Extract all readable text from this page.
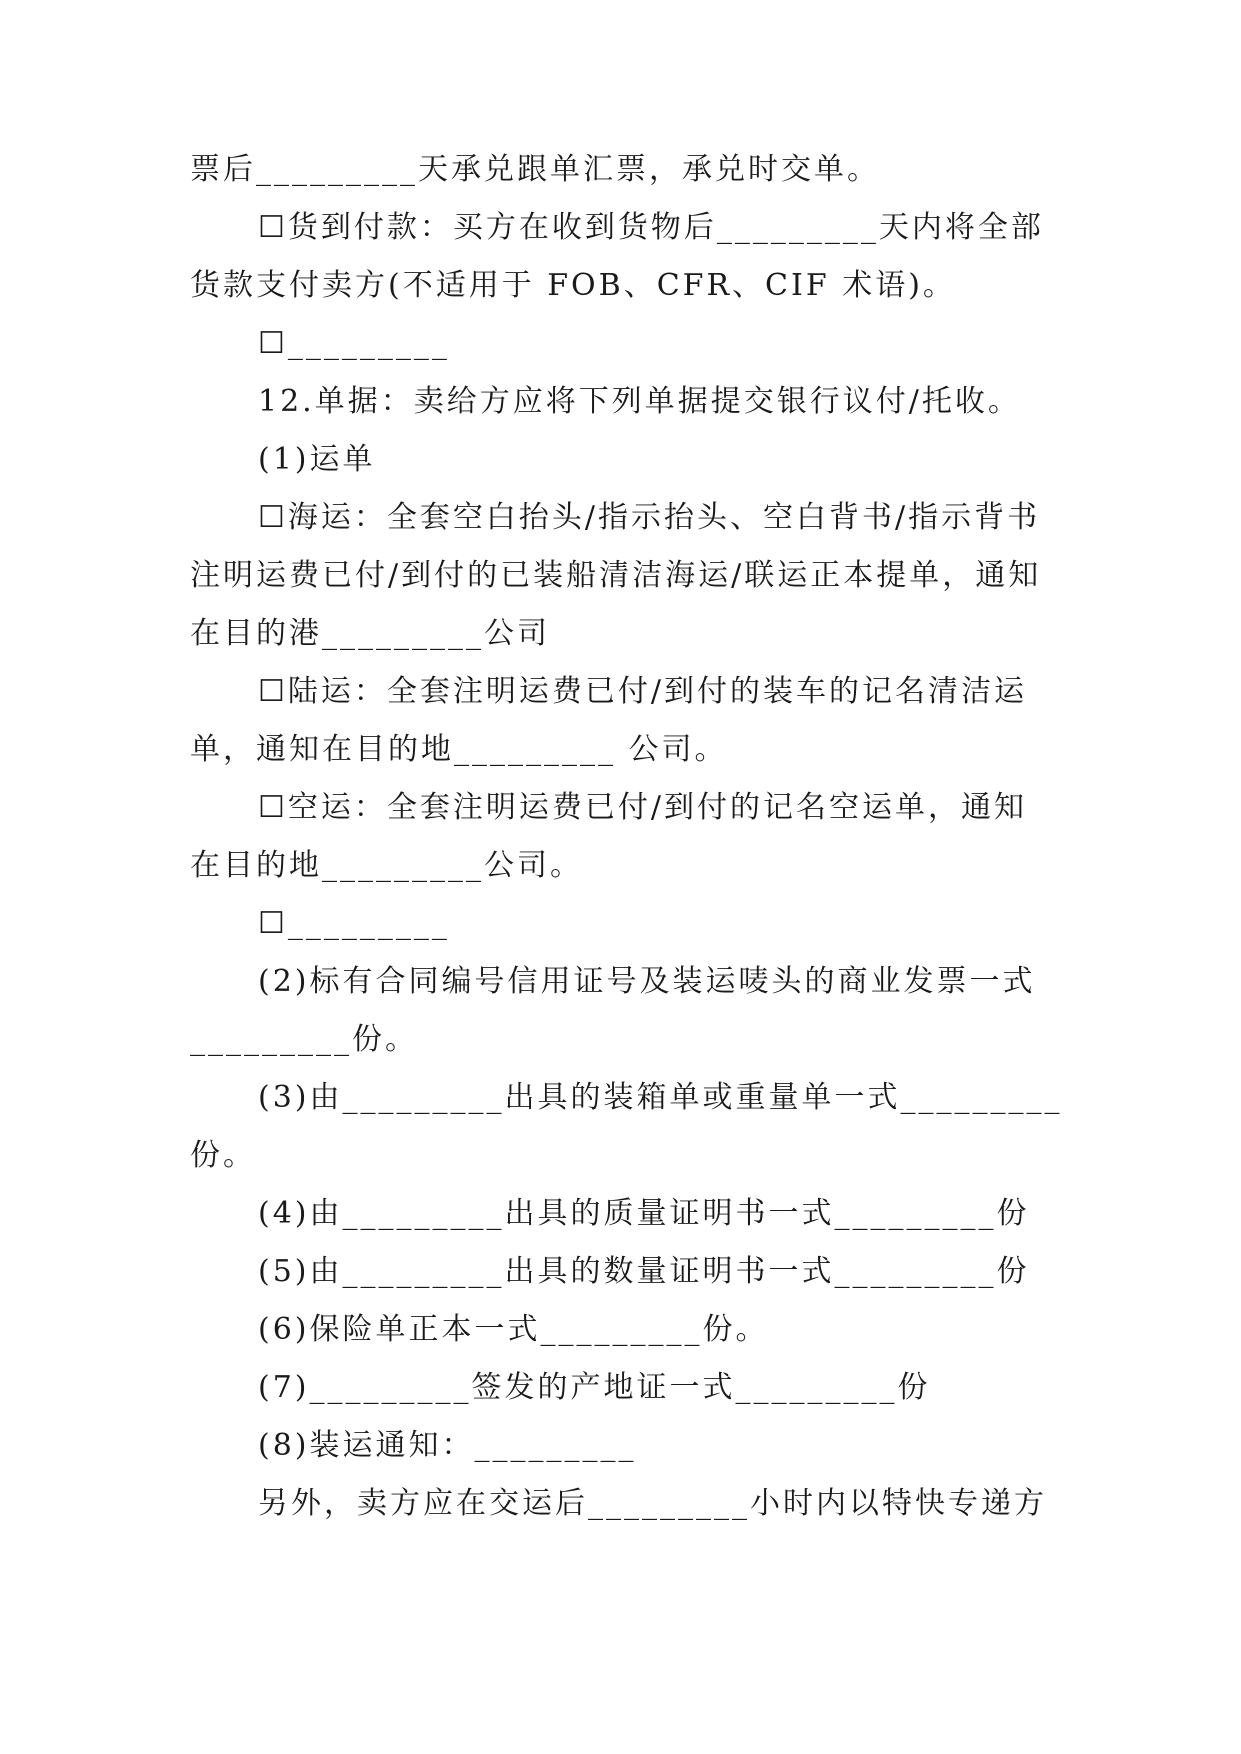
票后_________天承兑跟单汇票，承兑时交单。
☐货到付款：买方在收到货物后_________天内将全部
货款支付卖方(不适用于 FOB、CFR、CIF 术语)。
☐_________
12.单据：卖给方应将下列单据提交银行议付/托收。
(1)运单
☐海运：全套空白抬头/指示抬头、空白背书/指示背书
注明运费已付/到付的已装船清洁海运/联运正本提单，通知
在目的港_________公司
☐陆运：全套注明运费已付/到付的装车的记名清洁运
单，通知在目的地_________ 公司。
☐空运：全套注明运费已付/到付的记名空运单，通知
在目的地_________公司。
☐_________
(2)标有合同编号信用证号及装运唛头的商业发票一式
_________份。
(3)由_________出具的装箱单或重量单一式_________
份。
(4)由_________出具的质量证明书一式_________份
(5)由_________出具的数量证明书一式_________份
(6)保险单正本一式_________份。
(7)_________签发的产地证一式_________份
(8)装运通知：_________
另外，卖方应在交运后_________小时内以特快专递方
